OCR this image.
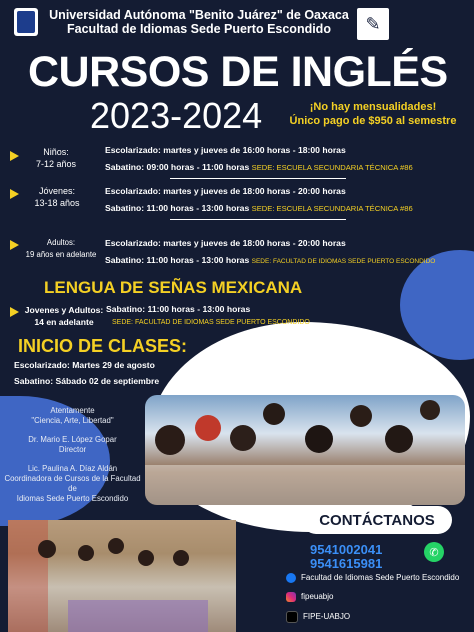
Universidad Autónoma "Benito Juárez" de Oaxaca
Facultad de Idiomas Sede Puerto Escondido	✎
CURSOS DE INGLÉS
2023-2024	¡No hay mensualidades!
Único pago de $950 al semestre
Niños:
7-12 años
Escolarizado: martes y jueves de 16:00 horas - 18:00 horas
Sabatino: 09:00 horas - 11:00 horas SEDE: ESCUELA SECUNDARIA TÉCNICA #86
Jóvenes:
13-18 años
Escolarizado: martes y jueves de 18:00 horas - 20:00 horas
Sabatino: 11:00 horas - 13:00 horas SEDE: ESCUELA SECUNDARIA TÉCNICA #86
Adultos:
19 años en adelante
Escolarizado: martes y jueves de 18:00 horas - 20:00 horas
Sabatino: 11:00 horas - 13:00 horas SEDE: FACULTAD DE IDIOMAS SEDE PUERTO ESCONDIDO
LENGUA DE SEÑAS MEXICANA
Jovenes y Adultos:
14 en adelante
Sabatino: 11:00 horas - 13:00 horas
SEDE: FACULTAD DE IDIOMAS SEDE PUERTO ESCONDIDO
INICIO DE CLASES:
Escolarizado: Martes 29 de agosto
Sabatino: Sábado 02 de septiembre
Atentamente
"Ciencia, Arte, Libertad"
Dr. Mario E. López Gopar
Director
Lic. Paulina A. Díaz Aldán
Coordinadora de Cursos de la Facultad de
Idiomas Sede Puerto Escondido
CONTÁCTANOS
9541002041
9541615981
✆
Facultad de Idiomas Sede Puerto Escondido
fipeuabjo
FIPE-UABJO
